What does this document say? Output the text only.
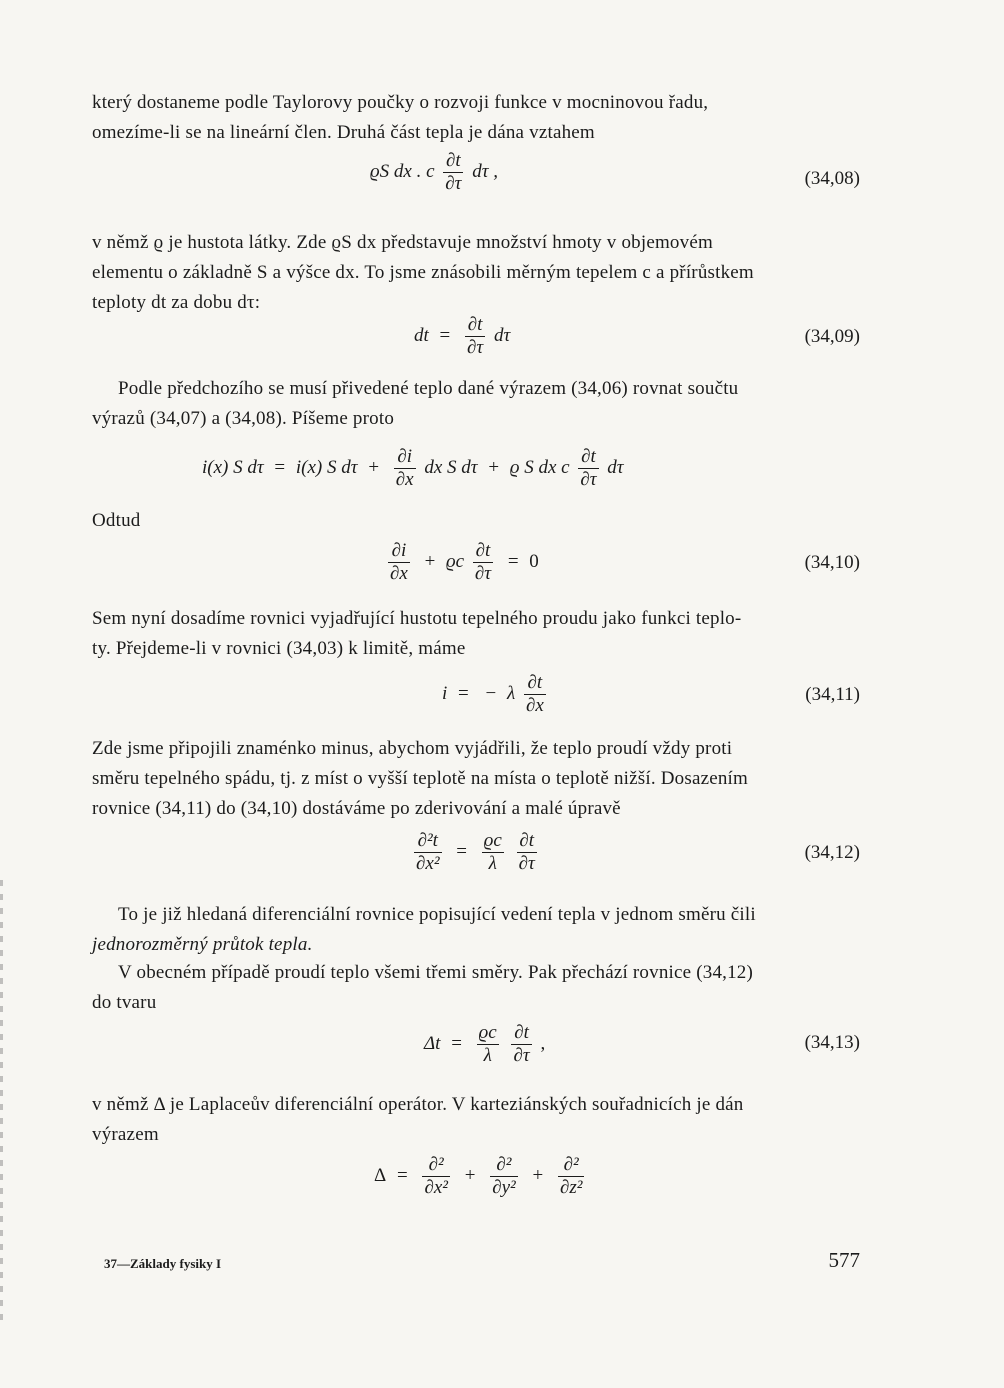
který dostaneme podle Taylorovy poučky o rozvoji funkce v mocninovou řadu,
omezíme-li se na lineární člen. Druhá část tepla je dána vztahem
ϱS dx . c $\frac{\partial t}{\partial\tau}$ dτ ,	(34,08)
v němž ϱ je hustota látky. Zde ϱS dx představuje množství hmoty v objemovém
elementu o základně S a výšce dx. To jsme znásobili měrným tepelem c a přírůstkem
teploty dt za dobu dτ:
dt = $\frac{\partial t}{\partial\tau}$ dτ	(34,09)
Podle předchozího se musí přivedené teplo dané výrazem (34,06) rovnat součtu
výrazů (34,07) a (34,08). Píšeme proto
i(x) S dτ = i(x) S $d\tau + \frac{\partial i}{\partial x}$ dx S dτ + ϱ S dx c $\frac{\partial t}{\partial\tau}$ dτ
Odtud
$\frac{\partial i}{\partial x} + ϱc \frac{\partial t}{\partial\tau} = 0$	(34,10)
Sem nyní dosadíme rovnici vyjadřující hustotu tepelného proudu jako funkci teplo-
ty. Přejdeme-li v rovnici (34,03) k limitě, máme
i = − λ $\frac{\partial t}{\partial x}$	(34,11)
Zde jsme připojili znaménko minus, abychom vyjádřili, že teplo proudí vždy proti
směru tepelného spádu, tj. z míst o vyšší teplotě na místa o teplotě nižší. Dosazením
rovnice (34,11) do (34,10) dostáváme po zderivování a malé úpravě
$\frac{\text{∂²t}}{\text{∂x²}} = \frac{ϱc}{\lambda}$
$\frac{\partial t}{\partial\tau}$	(34,12)
To je již hledaná diferenciální rovnice popisující vedení tepla v jednom směru čili
jednorozměrný průtok tepla.
V obecném případě proudí teplo všemi třemi směry. Pak přechází rovnice (34,12)
do tvaru
$\Delta t = \frac{ϱc}{\lambda}$
$\frac{\partial t}{\partial\tau}$ ,	(34,13)
v němž Δ je Laplaceův diferenciální operátor. V karteziánských souřadnicích je dán
výrazem
$\Delta = \frac{\text{∂²}}{\text{∂x²}} + \frac{\text{∂²}}{\text{∂y²}} + \frac{\text{∂²}}{\text{∂z²}}$
37—Základy fysiky I	577
